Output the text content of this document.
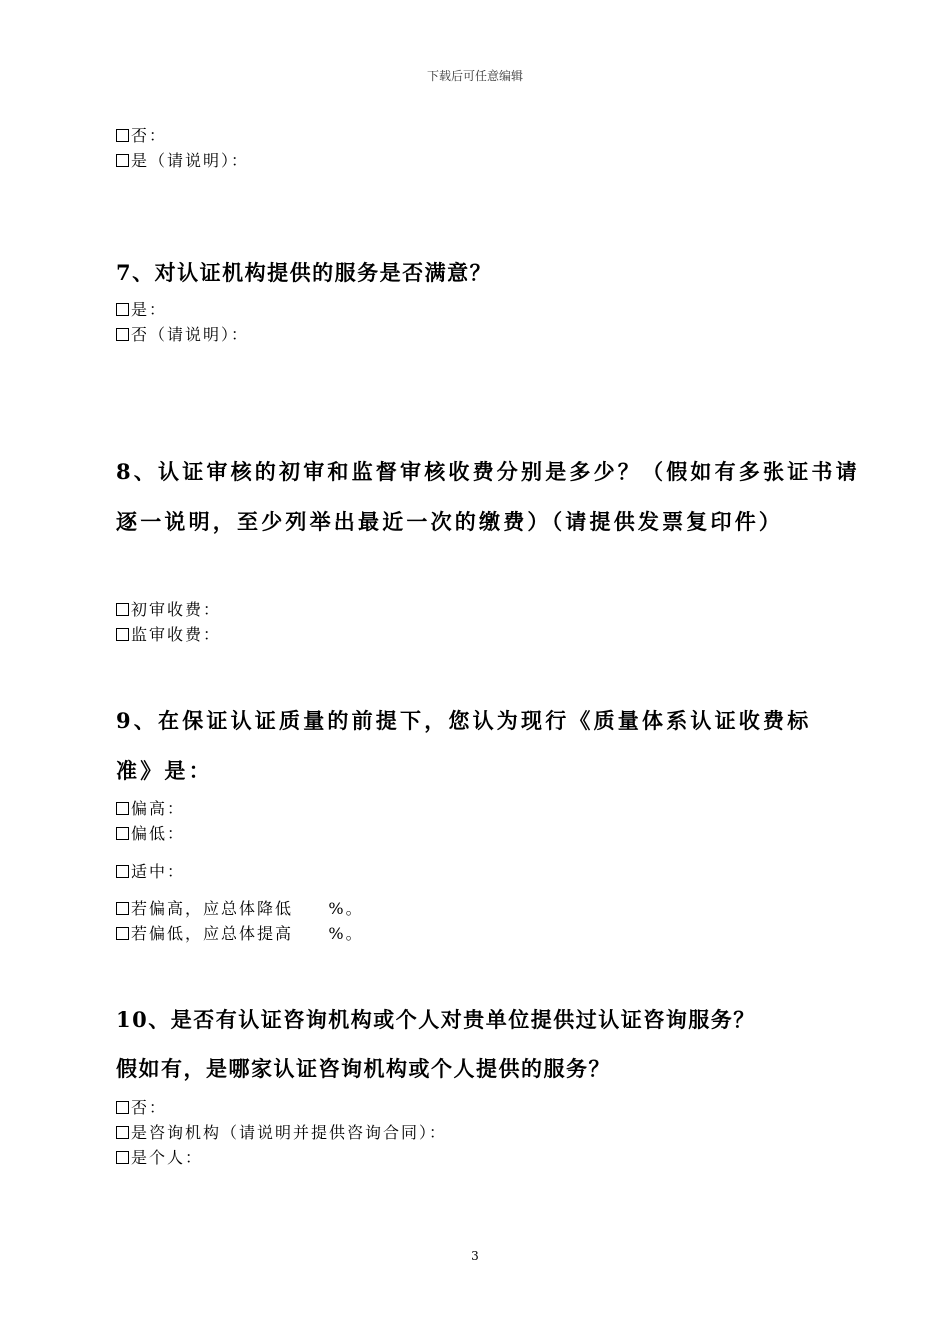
下载后可任意编辑
否：
是（请说明）：
7、对认证机构提供的服务是否满意？
是：
否（请说明）：
8、认证审核的初审和监督审核收费分别是多少？（假如有多张证书请
逐一说明，至少列举出最近一次的缴费）（请提供发票复印件）
初审收费：
监审收费：
9、在保证认证质量的前提下，您认为现行《质量体系认证收费标
准》是：
偏高：
偏低：
适中：
若偏高，应总体降低     %。
若偏低，应总体提高     %。
10、是否有认证咨询机构或个人对贵单位提供过认证咨询服务？
假如有，是哪家认证咨询机构或个人提供的服务？
否：
是咨询机构（请说明并提供咨询合同）：
是个人：
3
